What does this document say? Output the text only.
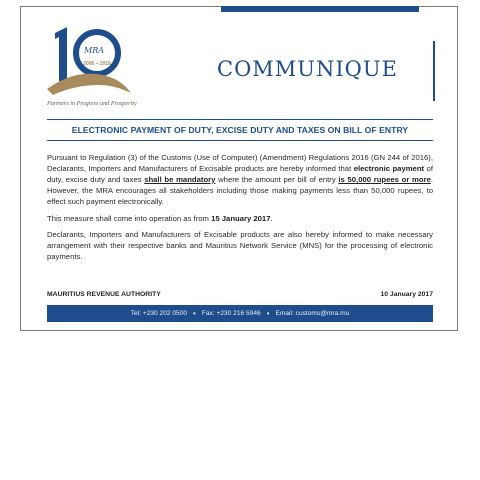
MRA
2006 – 2016
ANNIVERSARY
Partners in Progress and Prosperity
COMMUNIQUE
ELECTRONIC PAYMENT OF DUTY, EXCISE DUTY AND TAXES ON BILL OF ENTRY

Pursuant to Regulation (3) of the Customs (Use of Computer) (Amendment) Regulations 2016 (GN 244 of 2016), Declarants, Importers and Manufacturers of Excisable products are hereby informed that electronic payment of duty, excise duty and taxes shall be mandatory where the amount per bill of entry is 50,000 rupees or more. However, the MRA encourages all stakeholders including those making payments less than 50,000 rupees, to effect such payment electronically.

This measure shall come into operation as from 15 January 2017.

Declarants, Importers and Manufacturers of Excisable products are also hereby informed to make necessary arrangement with their respective banks and Mauritius Network Service (MNS) for the processing of electronic payments.

MAURITIUS REVENUE AUTHORITY	10 January 2017
Tel: +230 202 0500 • Fax: +230 216 5946 • Email: customs@mra.mu
